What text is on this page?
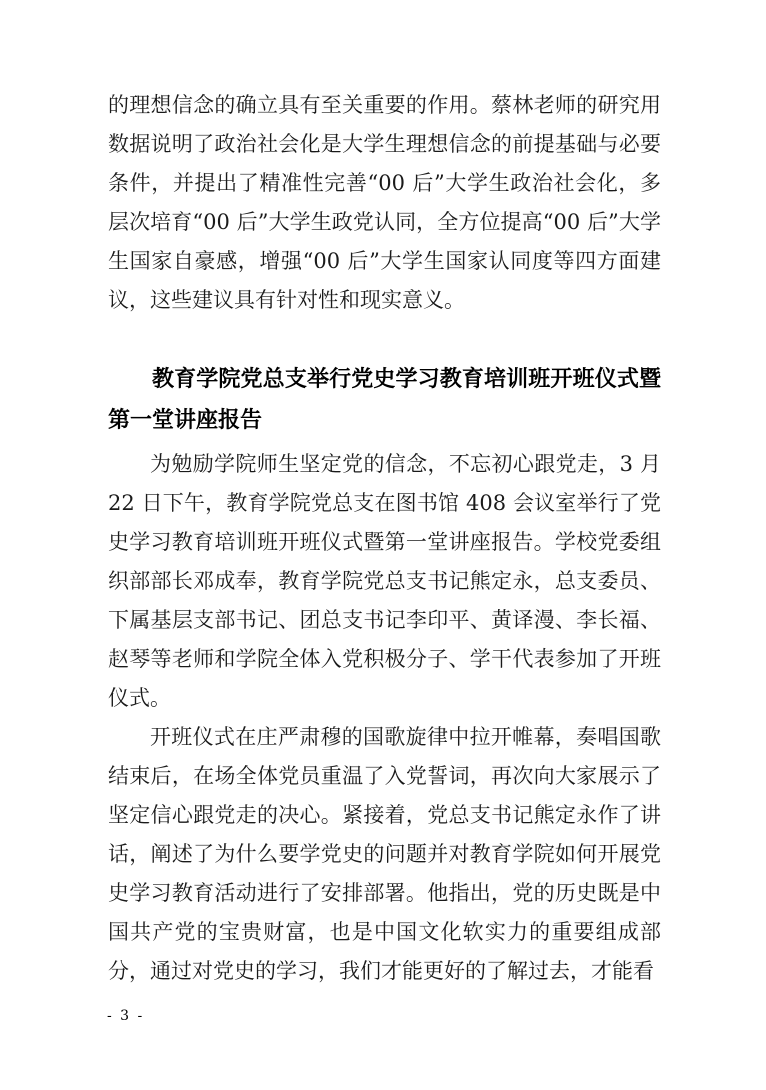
的理想信念的确立具有至关重要的作用。蔡林老师的研究用数据说明了政治社会化是大学生理想信念的前提基础与必要条件，并提出了精准性完善“00 后”大学生政治社会化，多层次培育“00 后”大学生政党认同，全方位提高“00 后”大学生国家自豪感，增强“00 后”大学生国家认同度等四方面建议，这些建议具有针对性和现实意义。

教育学院党总支举行党史学习教育培训班开班仪式暨第一堂讲座报告

为勉励学院师生坚定党的信念，不忘初心跟党走，3 月 22 日下午，教育学院党总支在图书馆 408 会议室举行了党史学习教育培训班开班仪式暨第一堂讲座报告。学校党委组织部部长邓成奉，教育学院党总支书记熊定永，总支委员、下属基层支部书记、团总支书记李印平、黄译漫、李长福、赵琴等老师和学院全体入党积极分子、学干代表参加了开班仪式。

开班仪式在庄严肃穆的国歌旋律中拉开帷幕，奏唱国歌结束后，在场全体党员重温了入党誓词，再次向大家展示了坚定信心跟党走的决心。紧接着，党总支书记熊定永作了讲话，阐述了为什么要学党史的问题并对教育学院如何开展党史学习教育活动进行了安排部署。他指出，党的历史既是中国共产党的宝贵财富，也是中国文化软实力的重要组成部分，通过对党史的学习，我们才能更好的了解过去，才能看

- 3 -
